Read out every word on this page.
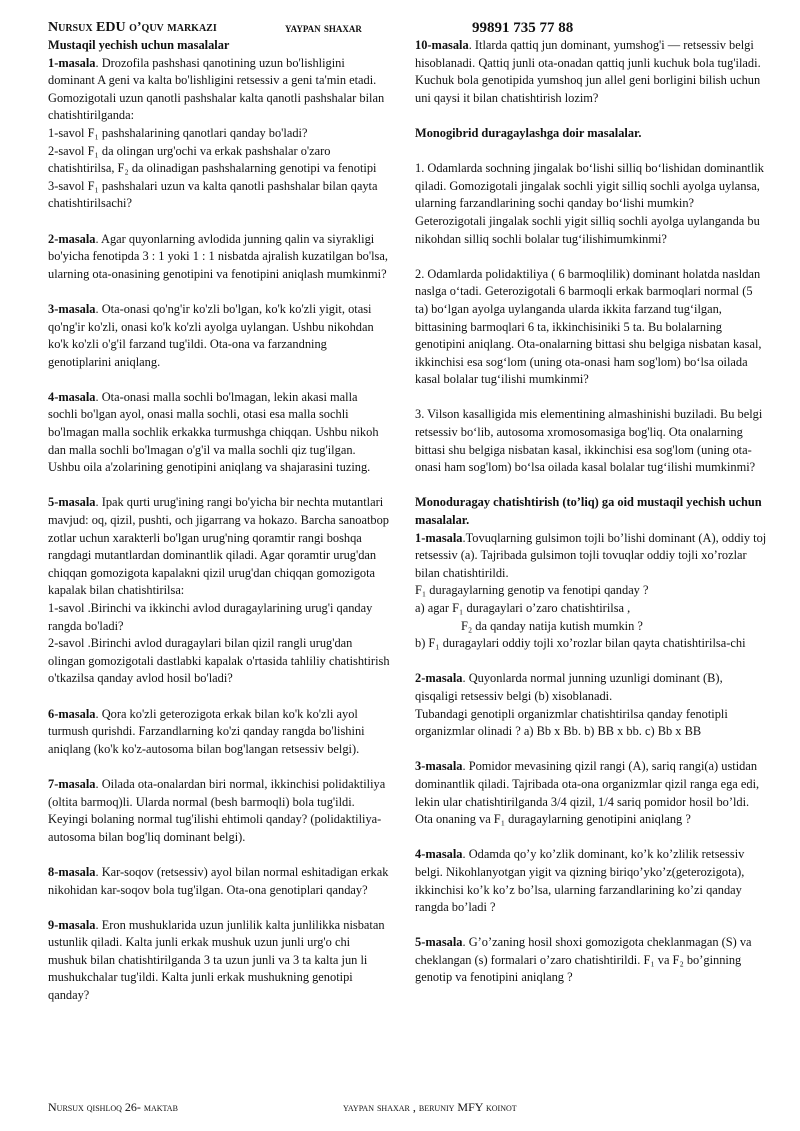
Nursux EDU o’quv markazi	yaypan shaxar	99891 735 77 88
Mustaqil yechish uchun masalalar
1-masala. Drozofila pashshasi qanotining uzun bo'lishligini dominant A geni va kalta bo'lishligini retsessiv a geni ta'min etadi. Gomozigotali uzun qanotli pashshalar kalta qanotli pashshalar bilan chatishtirilganda:
1-savol F₁ pashshalarining qanotlari qanday bo'ladi?
2-savol F₁ da olingan urg'ochi va erkak pashshalar o'zaro chatishtirilsa, F₂ da olinadigan pashshalarning genotipi va fenotipi
3-savol F₁ pashshalari uzun va kalta qanotli pashshalar bilan qayta chatishtirilsachi?
2-masala. Agar quyonlarning avlodida junning qalin va siyrakligi bo'yicha fenotipda 3 : 1 yoki 1 : 1 nisbatda ajralish kuzatilgan bo'lsa, ularning ota-onasining genotipini va fenotipini aniqlash mumkinmi?
3-masala. Ota-onasi qo'ng'ir ko'zli bo'lgan, ko'k ko'zli yigit, otasi qo'ng'ir ko'zli, onasi ko'k ko'zli ayolga uylangan. Ushbu nikohdan ko'k ko'zli o'g'il farzand tug'ildi. Ota-ona va farzandning genotiplarini aniqlang.
4-masala. Ota-onasi malla sochli bo'lmagan, lekin akasi malla sochli bo'lgan ayol, onasi malla sochli, otasi esa malla sochli bo'lmagan malla sochlik erkakka turmushga chiqqan. Ushbu nikoh dan malla sochli bo'lmagan o'g'il va malla sochli qiz tug'ilgan. Ushbu oila a'zolarining genotipini aniqlang va shajarasini tuzing.
5-masala. Ipak qurti urug'ining rangi bo'yicha bir nechta mutantlari mavjud: oq, qizil, pushti, och jigarrang va hokazo. Barcha sanoatbop zotlar uchun xarakterli bo'lgan urug'ning qoramtir rangi boshqa rangdagi mutantlardan dominantlik qiladi. Agar qoramtir urug'dan chiqqan gomozigota kapalakni qizil urug'dan chiqqan gomozigota kapalak bilan chatishtirilsa:
1-savol .Birinchi va ikkinchi avlod duragaylarining urug'i qanday rangda bo'ladi?
2-savol .Birinchi avlod duragaylari bilan qizil rangli urug'dan olingan gomozigotali dastlabki kapalak o'rtasida tahliliy chatishtirish o'tkazilsa qanday avlod hosil bo'ladi?
6-masala. Qora ko'zli geterozigota erkak bilan ko'k ko'zli ayol turmush qurishdi. Farzandlarning ko'zi qanday rangda bo'lishini aniqlang (ko'k ko'z-autosoma bilan bog'langan retsessiv belgi).
7-masala. Oilada ota-onalardan biri normal, ikkinchisi polidaktiliya (oltita barmoq)li. Ularda normal (besh barmoqli) bola tug'ildi. Keyingi bolaning normal tug'ilishi ehtimoli qanday? (polidaktiliya-autosoma bilan bog'liq dominant belgi).
8-masala. Kar-soqov (retsessiv) ayol bilan normal eshitadigan erkak nikohidan kar-soqov bola tug'ilgan. Ota-ona genotiplari qanday?
9-masala. Eron mushuklarida uzun junlilik kalta junlilikka nisbatan ustunlik qiladi. Kalta junli erkak mushuk uzun junli urg'o chi mushuk bilan chatishtirilganda 3 ta uzun junli va 3 ta kalta jun li mushukchalar tug'ildi. Kalta junli erkak mushukning genotipi qanday?
10-masala. Itlarda qattiq jun dominant, yumshog'i — retsessiv belgi hisoblanadi. Qattiq junli ota-onadan qattiq junli kuchuk bola tug'iladi. Kuchuk bola genotipida yumshoq jun allel geni borligini bilish uchun uni qaysi it bilan chatishtirish lozim?
Monogibrid duragaylashga doir masalalar.
1. Odamlarda sochning jingalak bo‘lishi silliq bo‘lishidan dominantlik qiladi. Gomozigotali jingalak sochli yigit silliq sochli ayolga uylansa, ularning farzandlarining sochi qanday bo‘lishi mumkin? Geterozigotali jingalak sochli yigit silliq sochli ayolga uylanganda bu nikohdan silliq sochli bolalar tug‘ilishimumkinmi?
2. Odamlarda polidaktiliya ( 6 barmoqlilik) dominant holatda nasldan naslga o‘tadi. Geterozigotali 6 barmoqli erkak barmoqlari normal (5 ta) bo‘lgan ayolga uylanganda ularda ikkita farzand tug‘ilgan, bittasining barmoqlari 6 ta, ikkinchisiniki 5 ta. Bu bolalarning genotipini aniqlang. Ota-onalarning bittasi shu belgiga nisbatan kasal, ikkinchisi esa sog‘lom (uning ota-onasi ham sog'lom) bo‘lsa oilada kasal bolalar tug‘ilishi mumkinmi?
3. Vilson kasalligida mis elementining almashinishi buziladi. Bu belgi retsessiv bo‘lib, autosoma xromosomasiga bog'liq. Ota onalarning bittasi shu belgiga nisbatan kasal, ikkinchisi esa sog'lom (uning ota-onasi ham sog'lom) bo‘lsa oilada kasal bolalar tug‘ilishi mumkinmi?
Monoduragay chatishtirish (to’liq) ga oid mustaqil yechish uchun masalalar.
1-masala.Tovuqlarning gulsimon tojli bo’lishi dominant (A), oddiy toj retsessiv (a). Tajribada gulsimon tojli tovuqlar oddiy tojli xo’rozlar bilan chatishtirildi.
F₁ duragaylarning genotip va fenotipi qanday ?
a) agar F₁ duragaylari o’zaro chatishtirilsa ,
F₂ da qanday natija kutish mumkin ?
b) F₁ duragaylari oddiy tojli xo’rozlar bilan qayta chatishtirilsa-chi
2-masala. Quyonlarda normal junning uzunligi dominant (B), qisqaligi retsessiv belgi (b) xisoblanadi.
Tubandagi genotipli organizmlar chatishtirilsa qanday fenotipli organizmlar olinadi ? a) Bb x Bb. b) BB x bb. c) Bb x BB
3-masala. Pomidor mevasining qizil rangi (A), sariq rangi(a) ustidan dominantlik qiladi. Tajribada ota-ona organizmlar qizil ranga ega edi, lekin ular chatishtirilganda 3/4 qizil, 1/4 sariq pomidor hosil bo’ldi. Ota onaning va F₁ duragaylarning genotipini aniqlang ?
4-masala. Odamda qo’y ko’zlik dominant, ko’k ko’zlilik retsessiv belgi. Nikohlanyotgan yigit va qizning biriqo’yko’z(geterozigota), ikkinchisi ko’k ko’z bo’lsa, ularning farzandlarining ko’zi qanday rangda bo’ladi ?
5-masala. G’o’zaning hosil shoxi gomozigota cheklanmagan (S) va cheklangan (s) formalari o’zaro chatishtirildi. F₁ va F₂ bo’ginning genotip va fenotipini aniqlang ?
Nursux qishloq 26- maktab	yaypan shaxar , beruniy MFY koinot
